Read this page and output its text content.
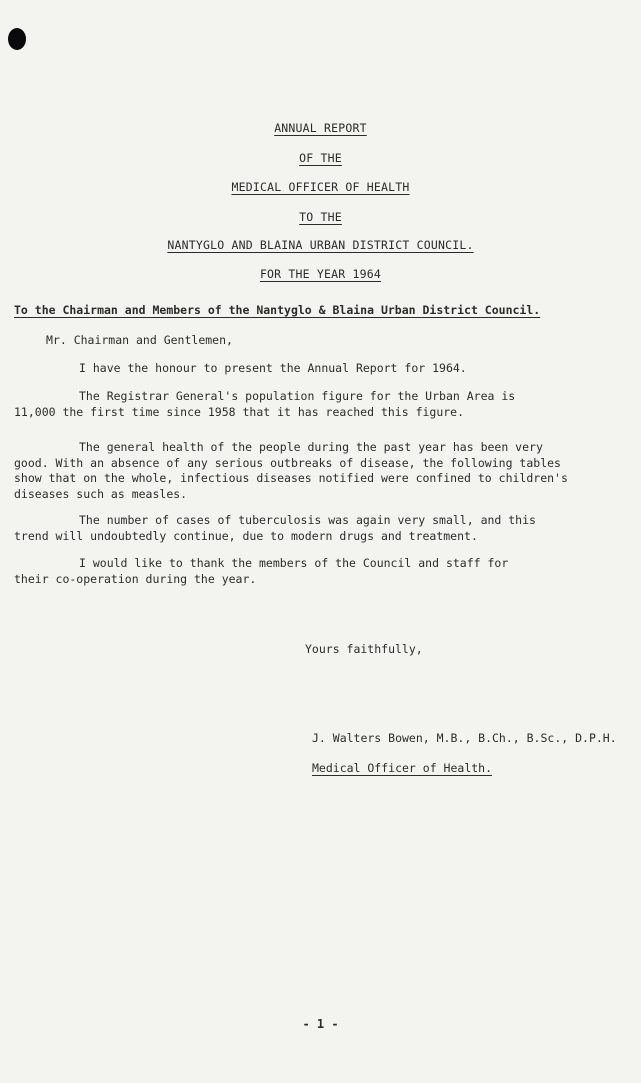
ANNUAL REPORT
OF THE
MEDICAL OFFICER OF HEALTH
TO THE
NANTYGLO AND BLAINA URBAN DISTRICT COUNCIL.
FOR THE YEAR 1964
To the Chairman and Members of the Nantyglo & Blaina Urban District Council.
Mr. Chairman and Gentlemen,
I have the honour to present the Annual Report for 1964.
The Registrar General's population figure for the Urban Area is
11,000 the first time since 1958 that it has reached this figure.
The general health of the people during the past year has been very
good. With an absence of any serious outbreaks of disease, the following tables
show that on the whole, infectious diseases notified were confined to children's
diseases such as measles.
The number of cases of tuberculosis was again very small, and this
trend will undoubtedly continue, due to modern drugs and treatment.
I would like to thank the members of the Council and staff for
their co-operation during the year.
Yours faithfully,
J. Walters Bowen, M.B., B.Ch., B.Sc., D.P.H.
Medical Officer of Health.
- 1 -
